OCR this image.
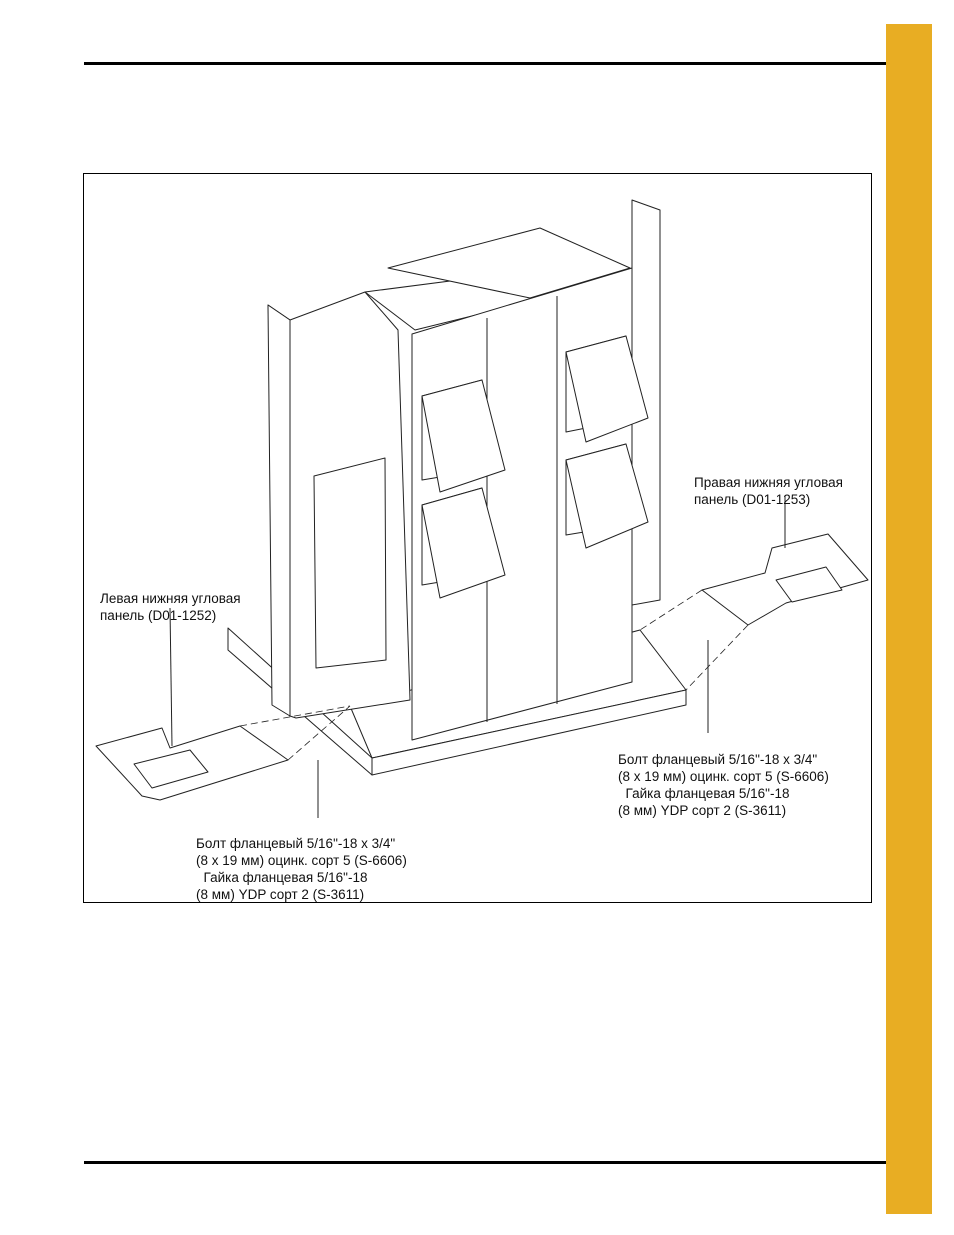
Левая нижняя угловая
панель (D01-1252)

Правая нижняя угловая
панель (D01-1253)

Болт фланцевый 5/16"-18 x 3/4"
(8 x 19 мм) оцинк. сорт 5 (S-6606)
Гайка фланцевая 5/16"-18
(8 мм) YDP сорт 2 (S-3611)

Болт фланцевый 5/16"-18 x 3/4"
(8 x 19 мм) оцинк. сорт 5 (S-6606)
Гайка фланцевая 5/16"-18
(8 мм) YDP сорт 2 (S-3611)
